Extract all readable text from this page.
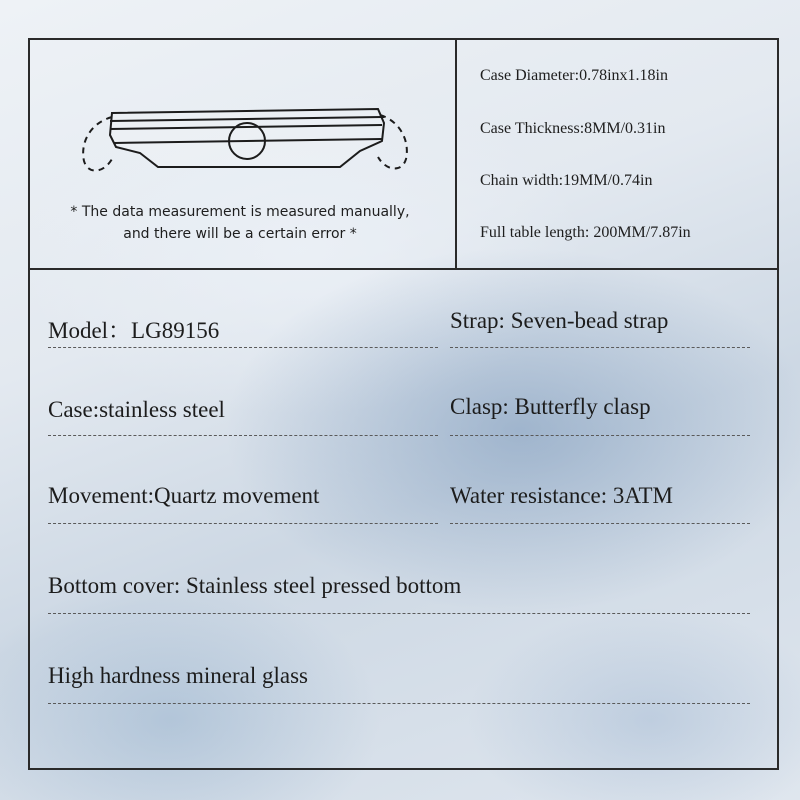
* The data measurement is measured manually,
and there will be a certain error *
Case Diameter:0.78inx1.18in
Case Thickness:8MM/0.31in
Chain width:19MM/0.74in
Full table length: 200MM/7.87in
Model：LG89156	Strap: Seven-bead strap
Case:stainless steel	Clasp: Butterfly clasp
Movement:Quartz movement	Water resistance: 3ATM
Bottom cover: Stainless steel pressed bottom
High hardness mineral glass
